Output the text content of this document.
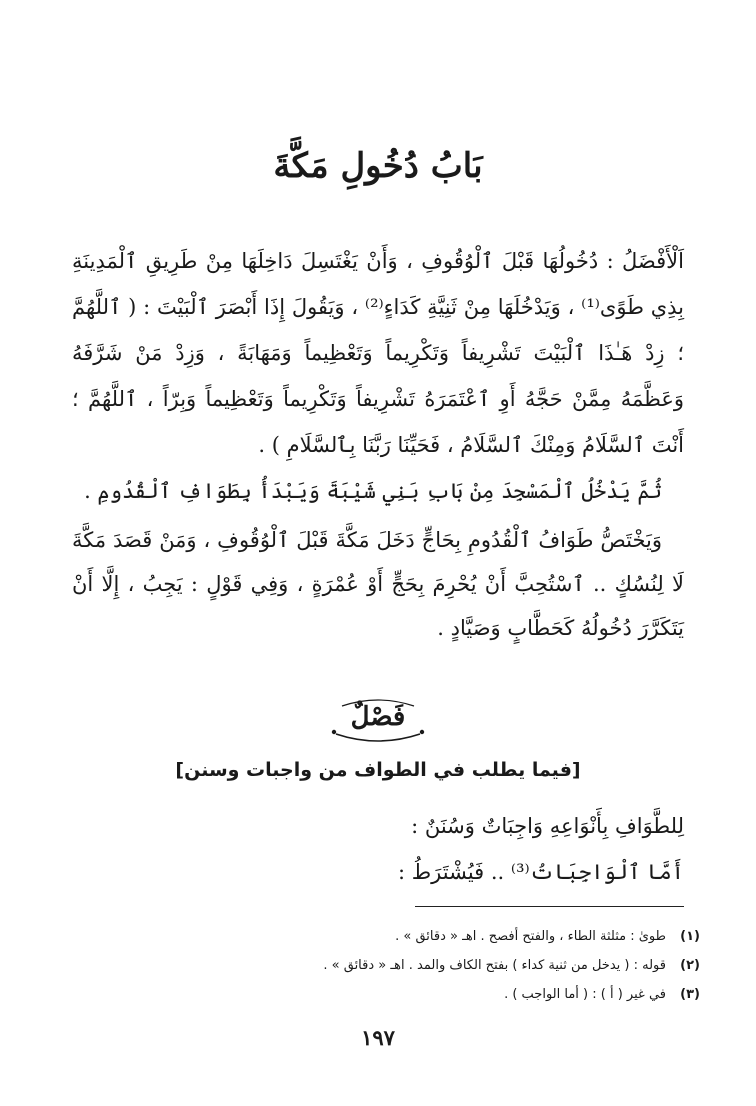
بَابُ دُخُولِ مَكَّةَ

اَلْأَفْضَلُ : دُخُولُهَا قَبْلَ ٱلْوُقُوفِ ، وَأَنْ يَغْتَسِلَ دَاخِلَهَا مِنْ طَرِيقِ ٱلْمَدِينَةِ بِذِي طَوًى⁽¹⁾ ، وَيَدْخُلَهَا مِنْ ثَنِيَّةِ كَدَاءٍ⁽²⁾ ، وَيَقُولَ إِذَا أَبْصَرَ ٱلْبَيْتَ : ( ٱللَّهُمَّ ؛ زِدْ هَـٰذَا ٱلْبَيْتَ تَشْرِيفاً وَتَكْرِيماً وَتَعْظِيماً وَمَهَابَةً ، وَزِدْ مَنْ شَرَّفَهُ وَعَظَّمَهُ مِمَّنْ حَجَّهُ أَوِ ٱعْتَمَرَهُ تَشْرِيفاً وَتَكْرِيماً وَتَعْظِيماً وَبِرّاً ، ٱللَّهُمَّ ؛ أَنْتَ ٱلسَّلَامُ وَمِنْكَ ٱلسَّلَامُ ، فَحَيِّنَا رَبَّنَا بِٱلسَّلَامِ ) .

ثُمَّ يَدْخُلُ ٱلْمَسْجِدَ مِنْ بَابِ بَنِي شَيْبَةَ وَيَبْدَأُ بِطَوَافِ ٱلْقُدُومِ .

وَيَخْتَصُّ طَوَافُ ٱلْقُدُومِ بِحَاجٍّ دَخَلَ مَكَّةَ قَبْلَ ٱلْوُقُوفِ ، وَمَنْ قَصَدَ مَكَّةَ لَا لِنُسُكٍ .. ٱسْتُحِبَّ أَنْ يُحْرِمَ بِحَجٍّ أَوْ عُمْرَةٍ ، وَفِي قَوْلٍ : يَجِبُ ، إِلَّا أَنْ يَتَكَرَّرَ دُخُولُهُ كَحَطَّابٍ وَصَيَّادٍ .

فَصْلٌ
[فيما يطلب في الطواف من واجبات وسنن]

لِلطَّوَافِ بِأَنْوَاعِهِ وَاجِبَاتٌ وَسُنَنٌ :

أَمَّا ٱلْوَاجِبَاتُ⁽³⁾ .. فَيُشْتَرَطُ :

(١)
طوىٰ : مثلثة الطاء ، والفتح أفصح . اهـ « دقائق » .
(٢)
قوله : ( يدخل من ثنية كداء ) بفتح الكاف والمد . اهـ « دقائق » .
(٣)
في غير ( أ ) : ( أما الواجب ) .
١٩٧
